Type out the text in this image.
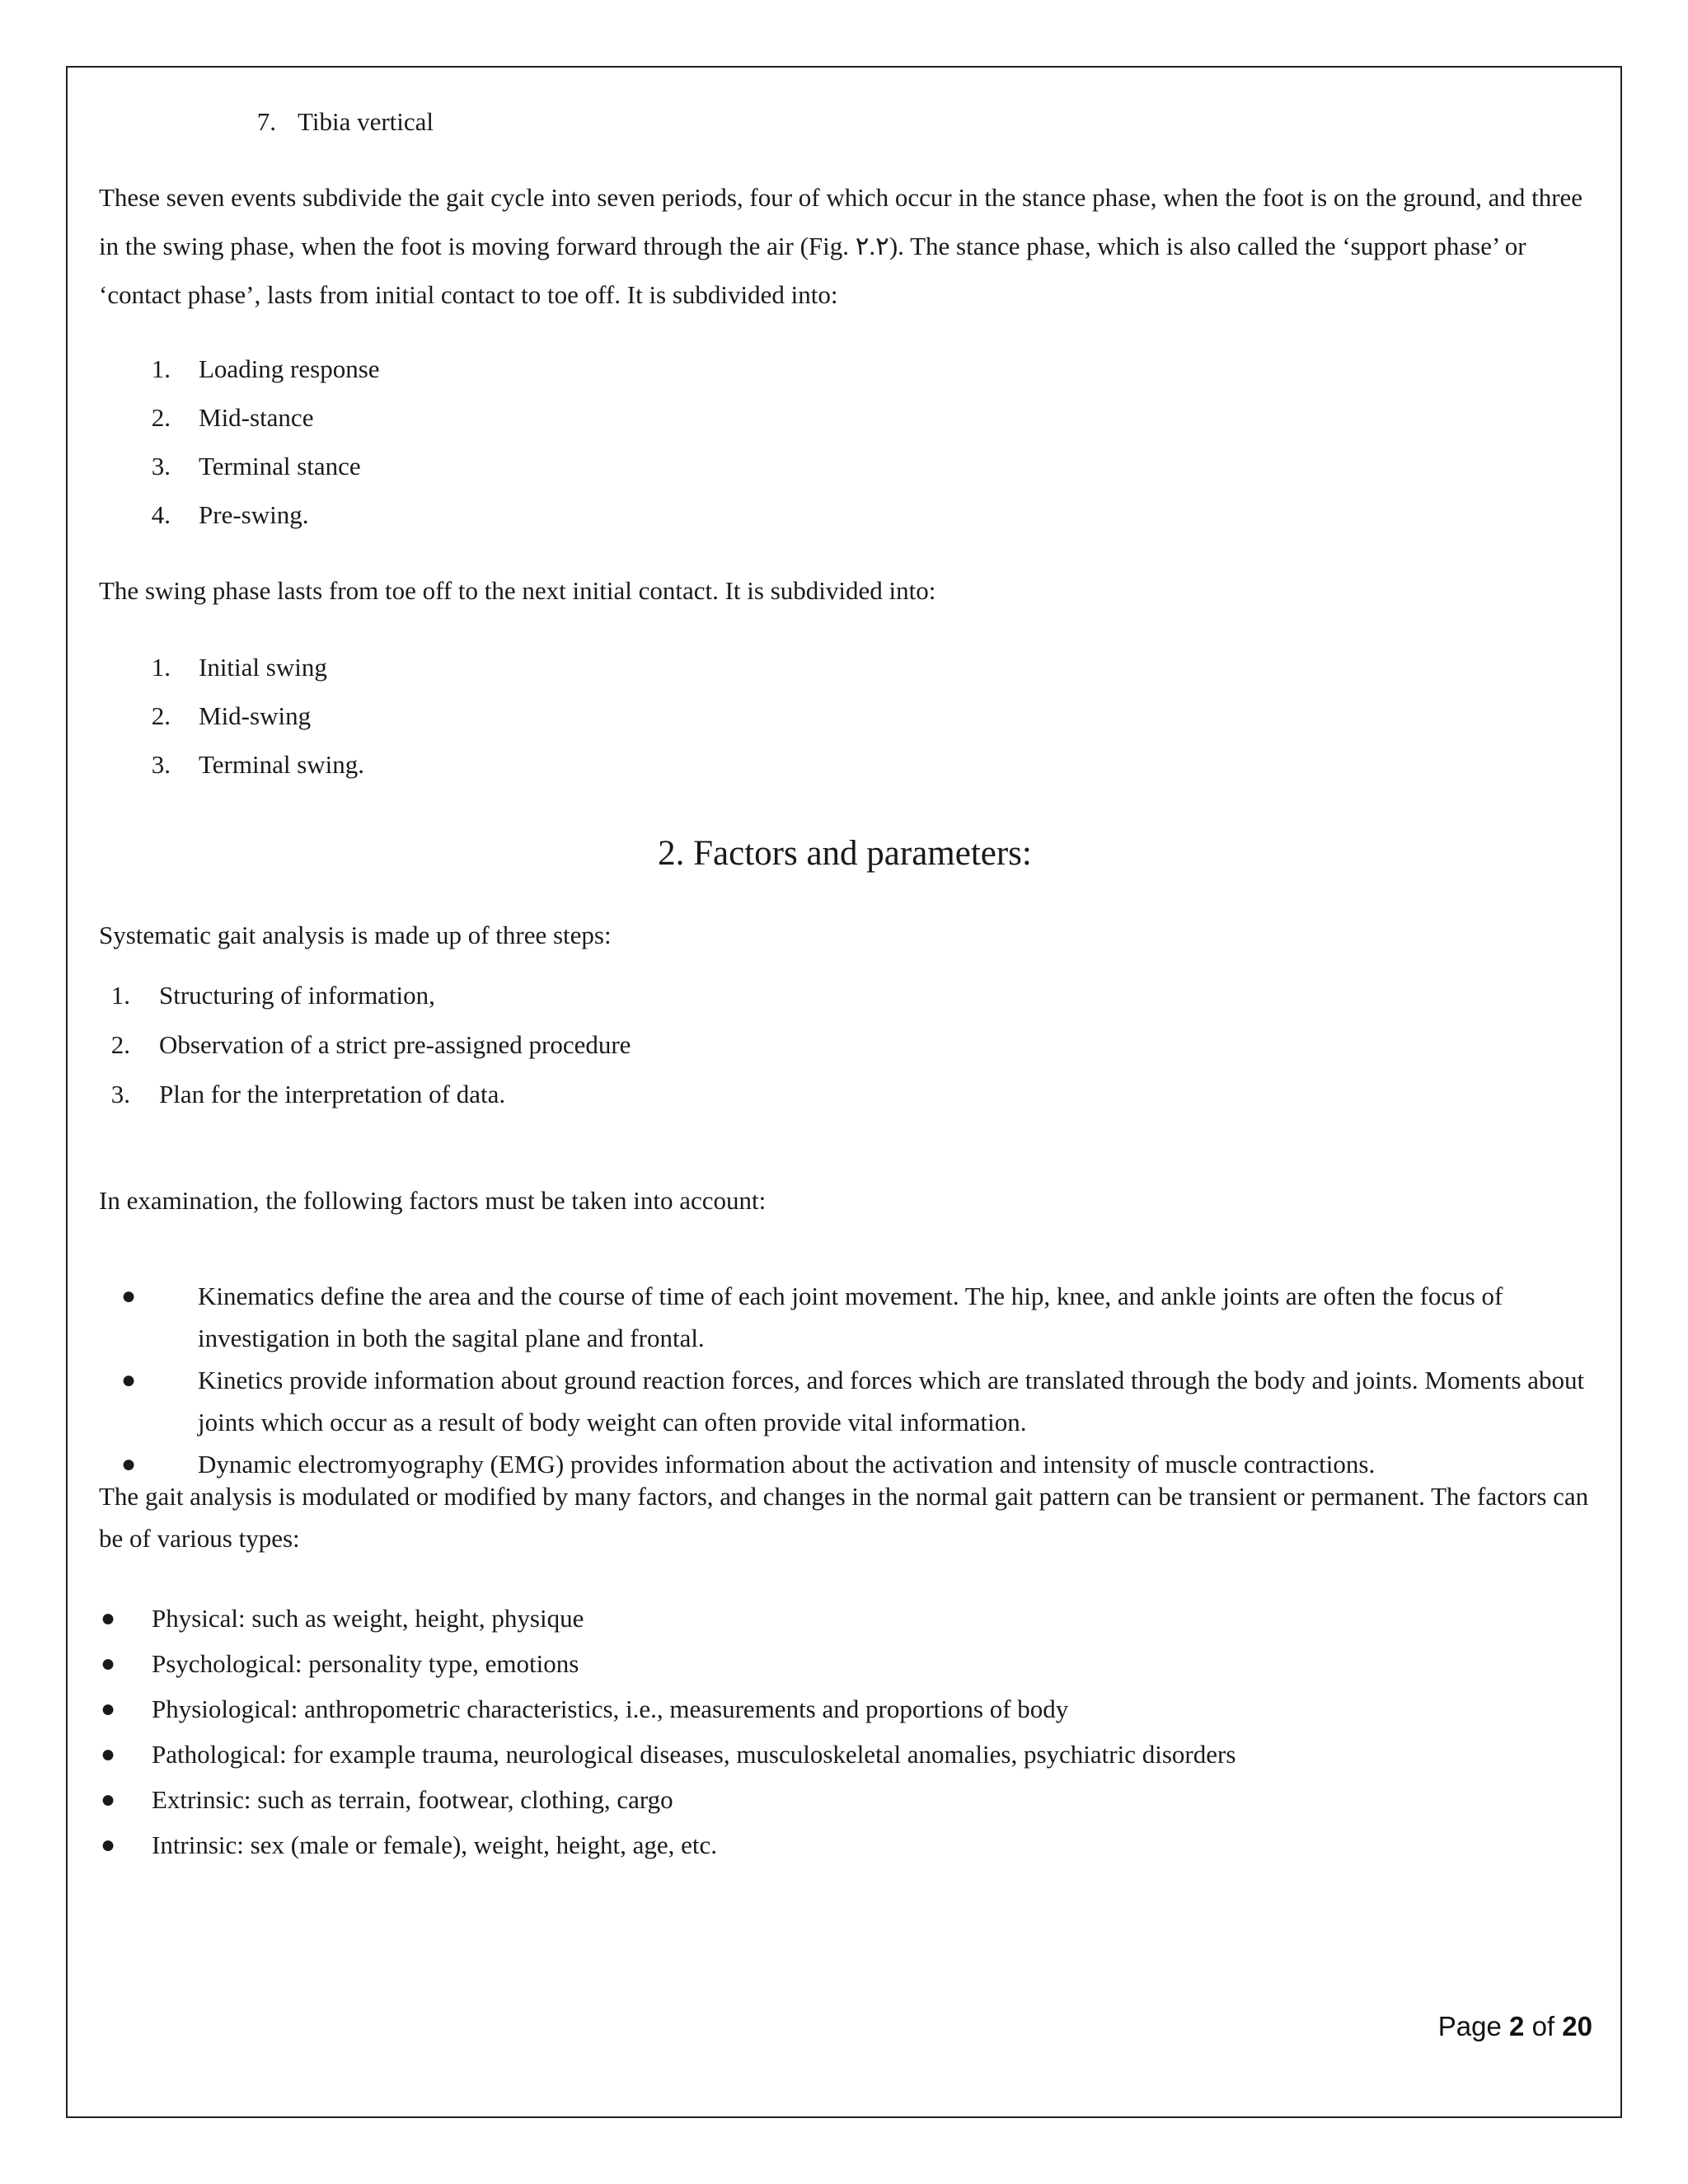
7. Tibia vertical

These seven events subdivide the gait cycle into seven periods, four of which occur in the stance phase, when the foot is on the ground, and three in the swing phase, when the foot is moving forward through the air (Fig. ۲.۲). The stance phase, which is also called the ‘support phase’ or ‘contact phase’, lasts from initial contact to toe off. It is subdivided into:

1. Loading response
2. Mid-stance
3. Terminal stance
4. Pre-swing.

The swing phase lasts from toe off to the next initial contact. It is subdivided into:

1. Initial swing
2. Mid-swing
3. Terminal swing.
2. Factors and parameters:

Systematic gait analysis is made up of three steps:

1. Structuring of information,
2. Observation of a strict pre-assigned procedure
3. Plan for the interpretation of data.

In examination, the following factors must be taken into account:

●	Kinematics define the area and the course of time of each joint movement. The hip, knee, and ankle joints are often the focus of investigation in both the sagital plane and frontal.
●	Kinetics provide information about ground reaction forces, and forces which are translated through the body and joints. Moments about joints which occur as a result of body weight can often provide vital information.
●	Dynamic electromyography (EMG) provides information about the activation and intensity of muscle contractions.

The gait analysis is modulated or modified by many factors, and changes in the normal gait pattern can be transient or permanent. The factors can be of various types:

● Physical: such as weight, height, physique
● Psychological: personality type, emotions
● Physiological: anthropometric characteristics, i.e., measurements and proportions of body
● Pathological: for example trauma, neurological diseases, musculoskeletal anomalies, psychiatric disorders
● Extrinsic: such as terrain, footwear, clothing, cargo
● Intrinsic: sex (male or female), weight, height, age, etc.
Page 2 of 20
